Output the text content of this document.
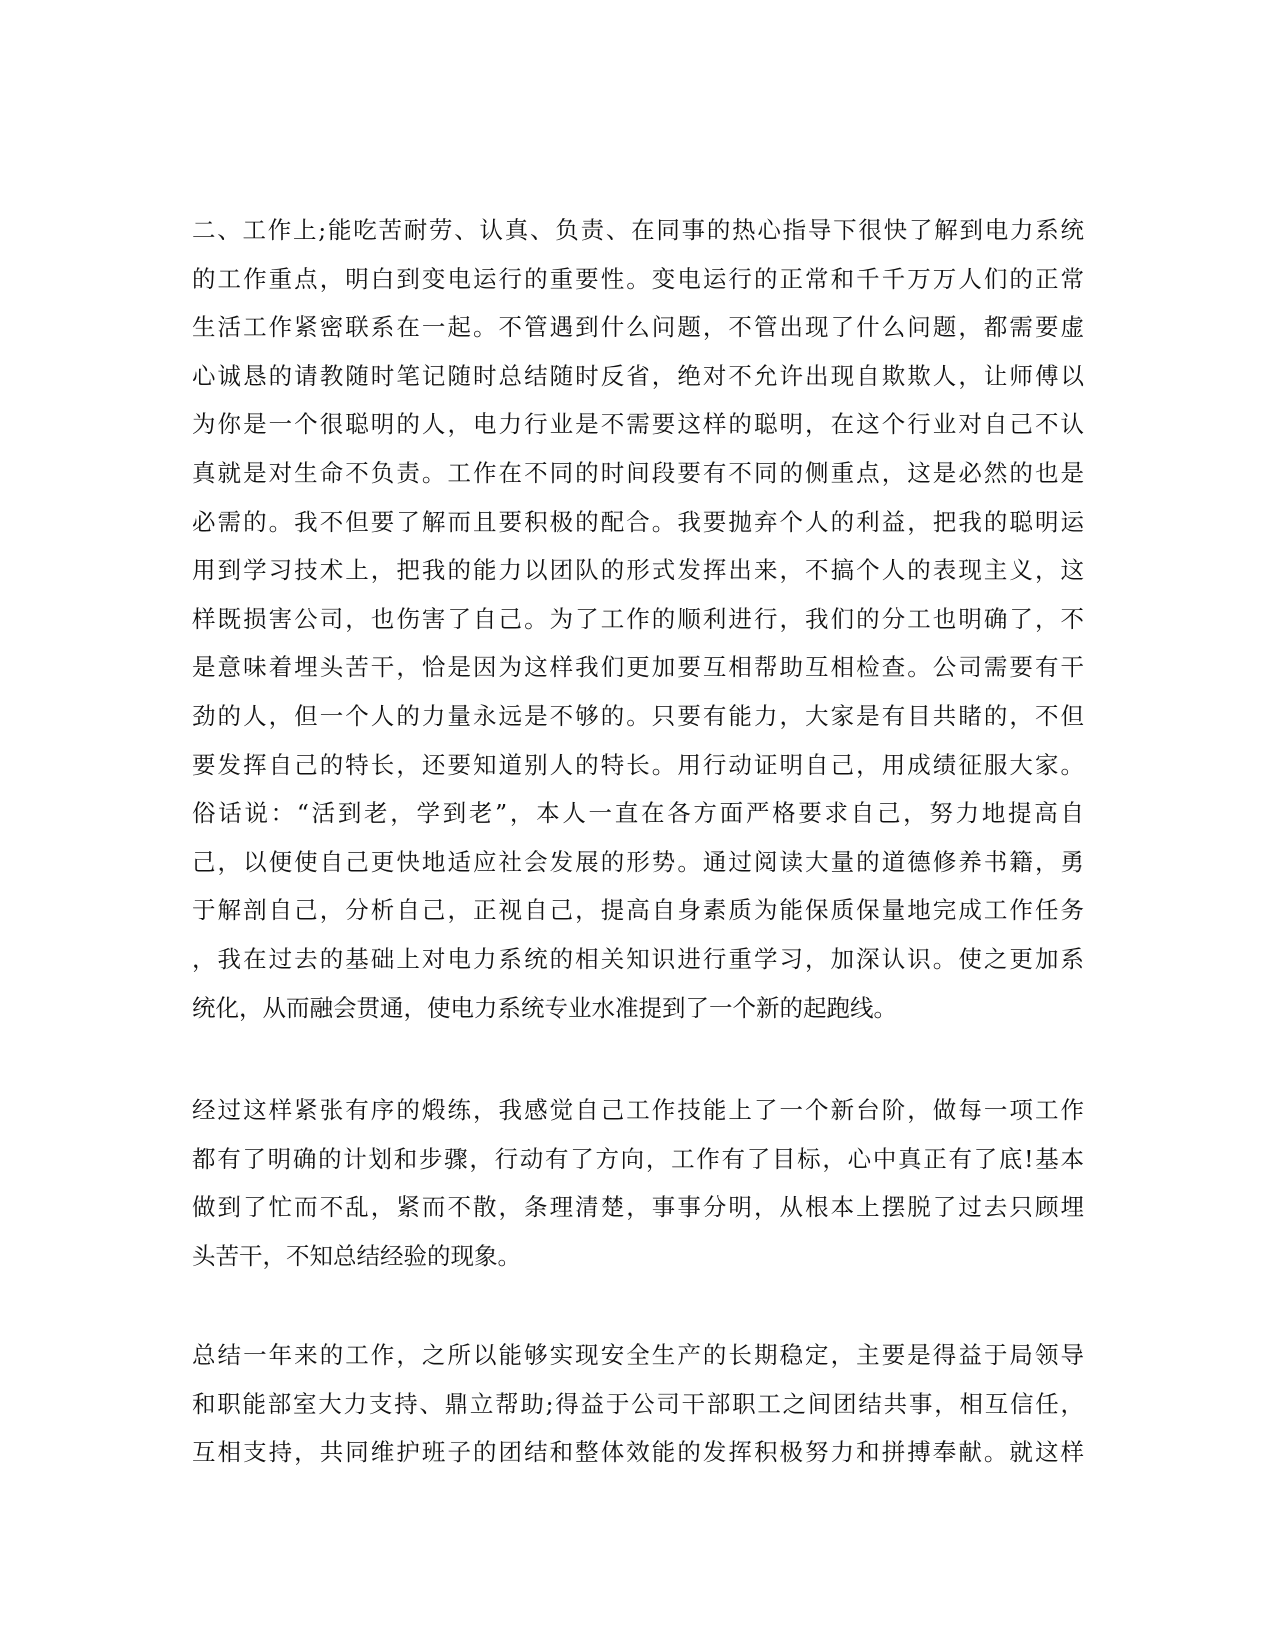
二、工作上;能吃苦耐劳、认真、负责、在同事的热心指导下很快了解到电力系统
的工作重点，明白到变电运行的重要性。变电运行的正常和千千万万人们的正常
生活工作紧密联系在一起。不管遇到什么问题，不管出现了什么问题，都需要虚
心诚恳的请教随时笔记随时总结随时反省，绝对不允许出现自欺欺人，让师傅以
为你是一个很聪明的人，电力行业是不需要这样的聪明，在这个行业对自己不认
真就是对生命不负责。工作在不同的时间段要有不同的侧重点，这是必然的也是
必需的。我不但要了解而且要积极的配合。我要抛弃个人的利益，把我的聪明运
用到学习技术上，把我的能力以团队的形式发挥出来，不搞个人的表现主义，这
样既损害公司，也伤害了自己。为了工作的顺利进行，我们的分工也明确了，不
是意味着埋头苦干，恰是因为这样我们更加要互相帮助互相检查。公司需要有干
劲的人，但一个人的力量永远是不够的。只要有能力，大家是有目共睹的，不但
要发挥自己的特长，还要知道别人的特长。用行动证明自己，用成绩征服大家。
俗话说：“活到老，学到老”，本人一直在各方面严格要求自己，努力地提高自
己，以便使自己更快地适应社会发展的形势。通过阅读大量的道德修养书籍，勇
于解剖自己，分析自己，正视自己，提高自身素质为能保质保量地完成工作任务
，我在过去的基础上对电力系统的相关知识进行重学习，加深认识。使之更加系
统化，从而融会贯通，使电力系统专业水准提到了一个新的起跑线。
经过这样紧张有序的煅练，我感觉自己工作技能上了一个新台阶，做每一项工作
都有了明确的计划和步骤，行动有了方向，工作有了目标，心中真正有了底!基本
做到了忙而不乱，紧而不散，条理清楚，事事分明，从根本上摆脱了过去只顾埋
头苦干，不知总结经验的现象。
总结一年来的工作，之所以能够实现安全生产的长期稳定，主要是得益于局领导
和职能部室大力支持、鼎立帮助;得益于公司干部职工之间团结共事，相互信任，
互相支持，共同维护班子的团结和整体效能的发挥积极努力和拼搏奉献。就这样
